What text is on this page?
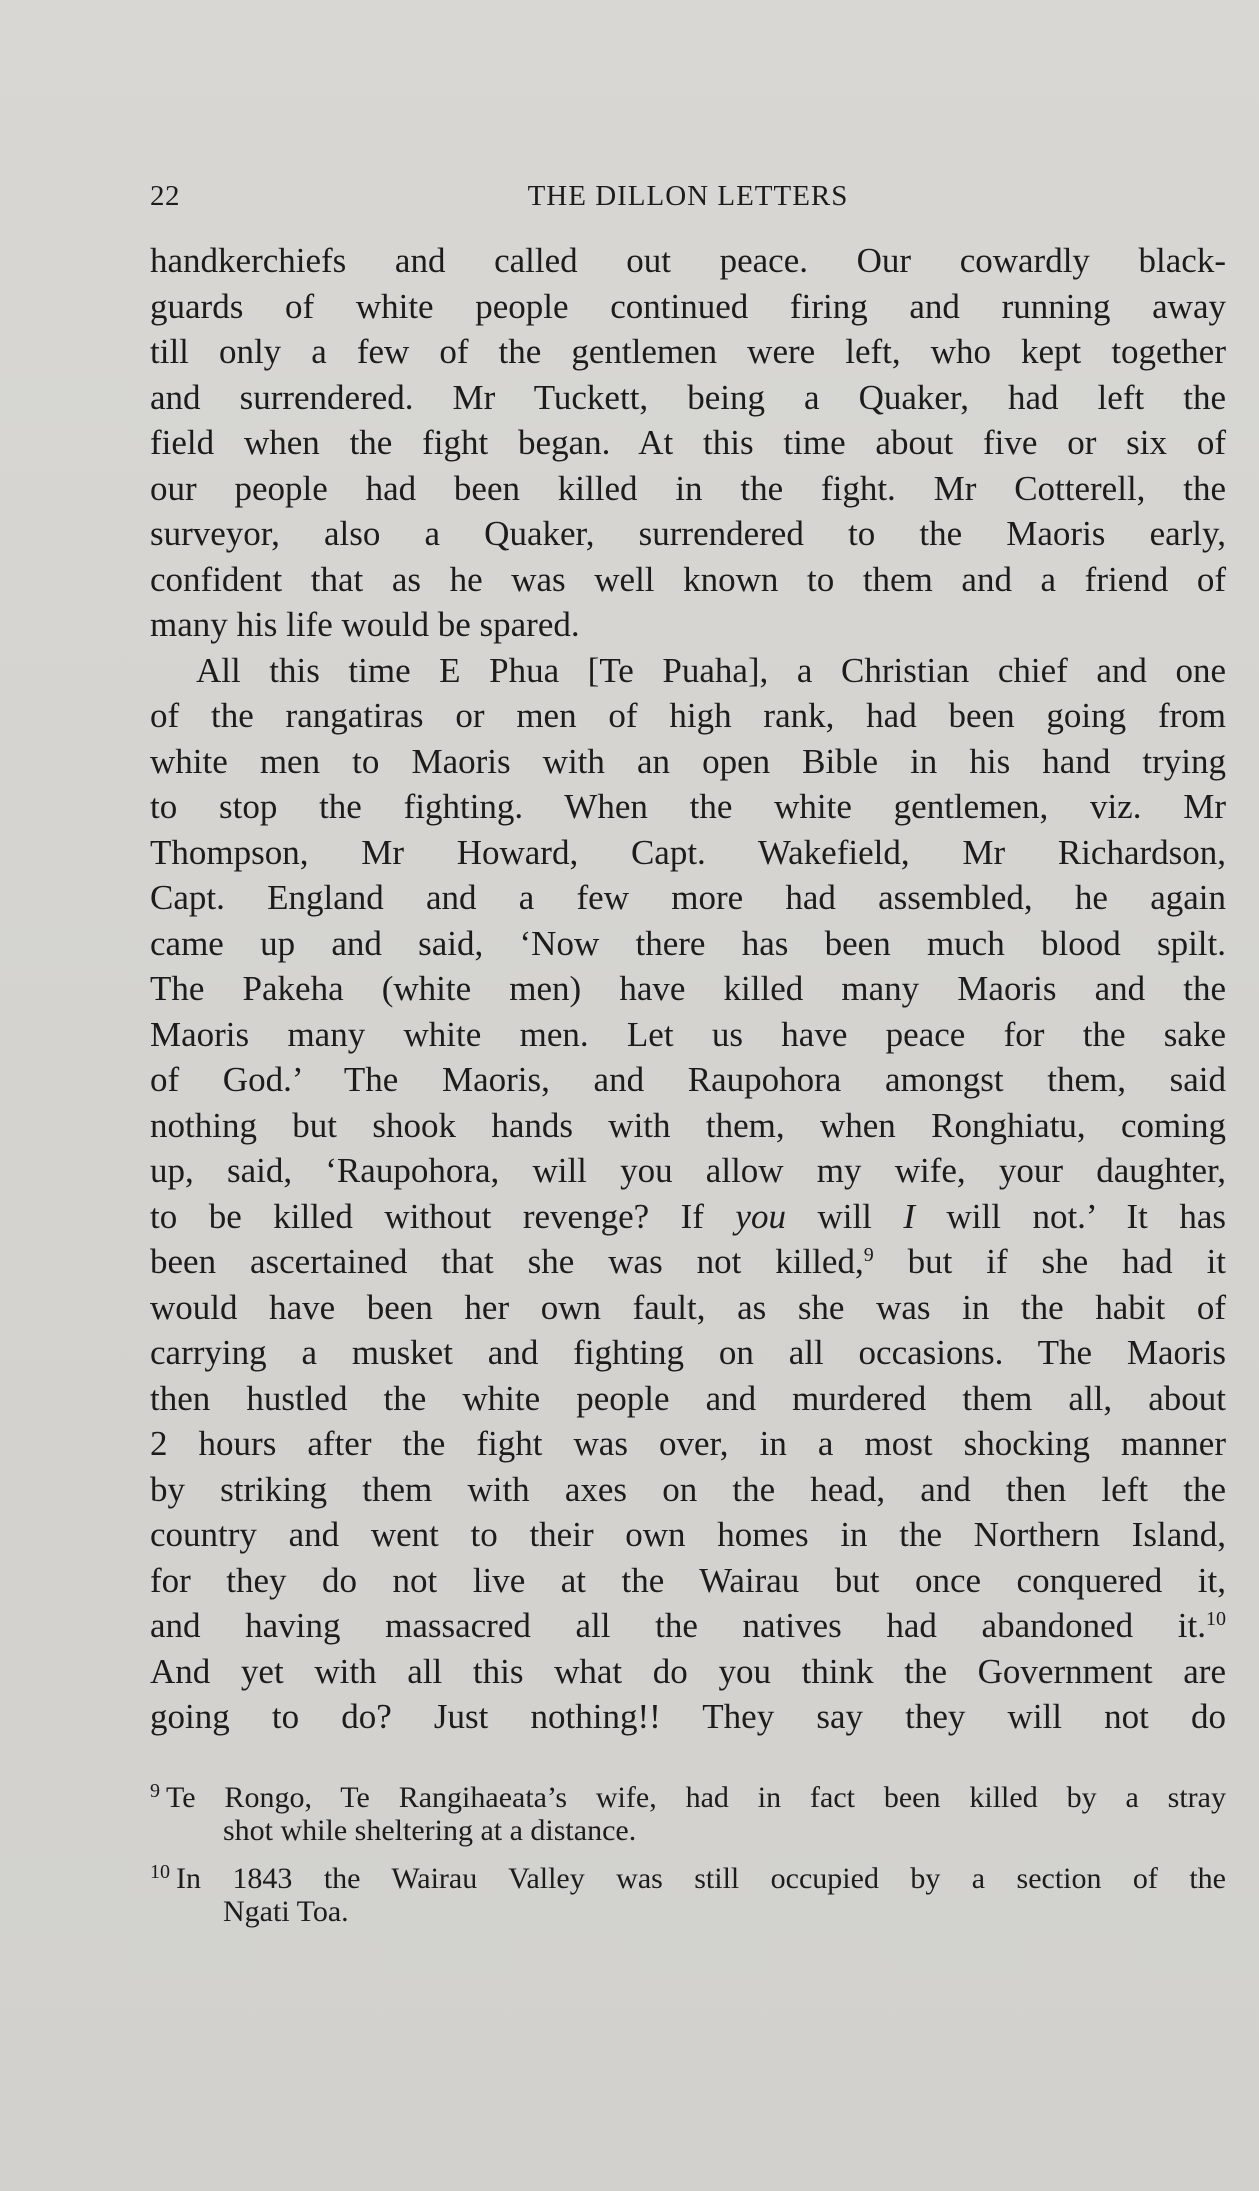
22	THE DILLON LETTERS
handkerchiefs and called out peace. Our cowardly black-
guards of white people continued firing and running away
till only a few of the gentlemen were left, who kept together
and surrendered. Mr Tuckett, being a Quaker, had left the
field when the fight began. At this time about five or six of
our people had been killed in the fight. Mr Cotterell, the
surveyor, also a Quaker, surrendered to the Maoris early,
confident that as he was well known to them and a friend of
many his life would be spared.
All this time E Phua [Te Puaha], a Christian chief and one
of the rangatiras or men of high rank, had been going from
white men to Maoris with an open Bible in his hand trying
to stop the fighting. When the white gentlemen, viz. Mr
Thompson, Mr Howard, Capt. Wakefield, Mr Richardson,
Capt. England and a few more had assembled, he again
came up and said, ‘Now there has been much blood spilt.
The Pakeha (white men) have killed many Maoris and the
Maoris many white men. Let us have peace for the sake
of God.’ The Maoris, and Raupohora amongst them, said
nothing but shook hands with them, when Ronghiatu, coming
up, said, ‘Raupohora, will you allow my wife, your daughter,
to be killed without revenge? If you will I will not.’ It has
been ascertained that she was not killed,$^9$ but if she had it
would have been her own fault, as she was in the habit of
carrying a musket and fighting on all occasions. The Maoris
then hustled the white people and murdered them all, about
2 hours after the fight was over, in a most shocking manner
by striking them with axes on the head, and then left the
country and went to their own homes in the Northern Island,
for they do not live at the Wairau but once conquered it,
and having massacred all the natives had abandoned it.$^{10}$
And yet with all this what do you think the Government are
going to do? Just nothing!! They say they will not do
$^9$ Te Rongo, Te Rangihaeata’s wife, had in fact been killed by a stray
shot while sheltering at a distance.
$^{10}$ In 1843 the Wairau Valley was still occupied by a section of the
Ngati Toa.
